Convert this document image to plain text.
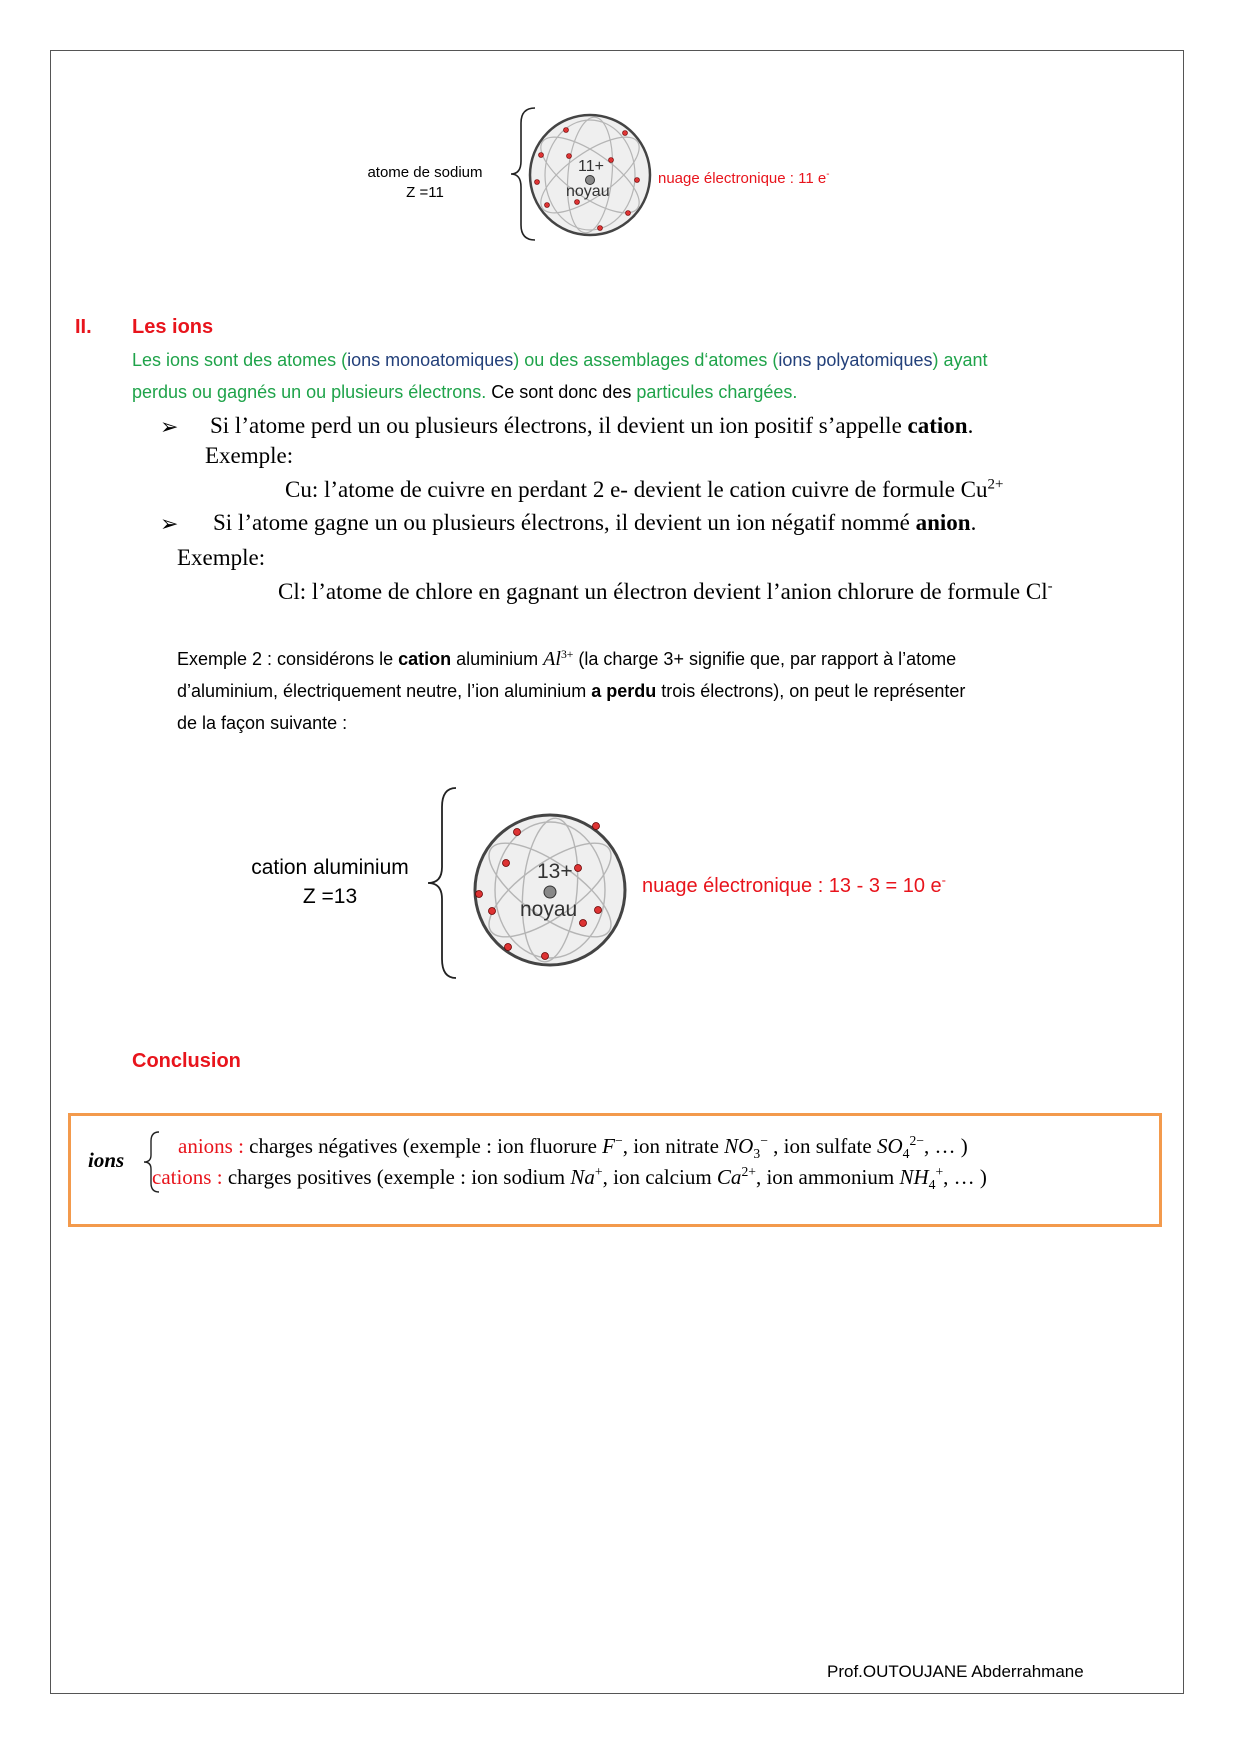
atome de sodium
Z =11
11+
noyau
nuage électronique : 11 e-
II. Les ions
Les ions sont des atomes (ions monoatomiques) ou des assemblages d‘atomes (ions polyatomiques) ayant
perdus ou gagnés un ou plusieurs électrons. Ce sont donc des particules chargées.
➢ Si l’atome perd un ou plusieurs électrons, il devient un ion positif s’appelle cation.
Exemple:
Cu: l’atome de cuivre en perdant 2 e- devient le cation cuivre de formule $Cu^{2+}$
➢ Si l’atome gagne un ou plusieurs électrons, il devient un ion négatif nommé anion.
Exemple:
Cl: l’atome de chlore en gagnant un électron devient l’anion chlorure de formule Cl-
Exemple 2 : considérons le cation aluminium $Al^{3+}$ (la charge 3+ signifie que, par rapport à l’atome
d’aluminium, électriquement neutre, l’ion aluminium a perdu trois électrons), on peut le représenter
de la façon suivante :
cation aluminium
Z =13
13+
noyau
nuage électronique : 13 - 3 = 10 e-
Conclusion
ions
anions : charges négatives (exemple : ion fluorure F−, ion nitrate $NO_3^-$ , ion sulfate $SO_4^{2-}$, … )
cations : charges positives (exemple : ion sodium Na+, ion calcium $Ca^{2+}$, ion ammonium $NH_4^+$, … )
Prof.OUTOUJANE Abderrahmane
